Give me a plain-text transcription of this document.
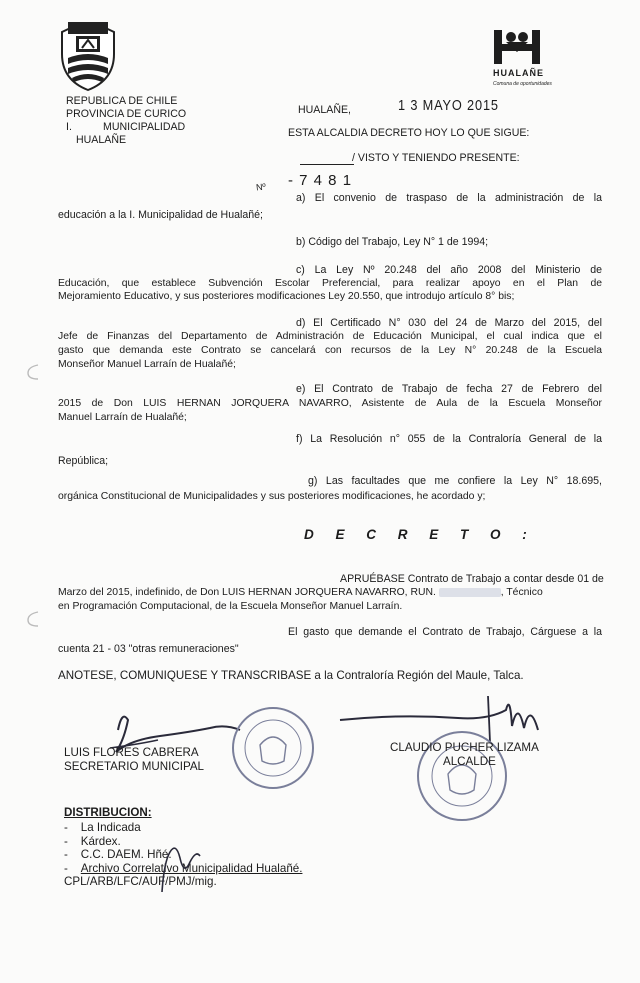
REPUBLICA DE CHILE
PROVINCIA DE CURICO
I.	MUNICIPALIDAD
HUALAÑE
HUALAÑE
Comuna de oportunidades
HUALAÑE,	1 3 MAYO 2015
ESTA ALCALDIA DECRETO HOY LO QUE SIGUE:
/ VISTO Y TENIENDO PRESENTE:
Nº - 7 4 8 1
a) El convenio de traspaso de la administración de la
educación a la I. Municipalidad de Hualañé;
b) Código del Trabajo, Ley N° 1 de 1994;
c) La Ley Nº 20.248 del año 2008 del Ministerio de
Educación, que establece Subvención Escolar Preferencial, para realizar apoyo en el Plan de
Mejoramiento Educativo, y sus posteriores modificaciones Ley 20.550, que introdujo artículo 8° bis;
d) El Certificado N° 030 del 24 de Marzo del 2015, del
Jefe de Finanzas del Departamento de Administración de Educación Municipal, el cual indica que el
gasto que demanda este Contrato se cancelará con recursos de la Ley N° 20.248 de la Escuela
Monseñor Manuel Larraín de Hualañé;
e) El Contrato de Trabajo de fecha 27 de Febrero del
2015 de Don LUIS HERNAN JORQUERA NAVARRO, Asistente de Aula de la Escuela Monseñor
Manuel Larraín de Hualañé;
f) La Resolución n° 055 de la Contraloría General de la
República;
g) Las facultades que me confiere la Ley N° 18.695,
orgánica Constitucional de Municipalidades y sus posteriores modificaciones, he acordado y;
D E C R E T O :
APRUÉBASE Contrato de Trabajo a contar desde 01 de
Marzo del 2015, indefinido, de Don LUIS HERNAN JORQUERA NAVARRO, RUN.	, Técnico
en Programación Computacional, de la Escuela Monseñor Manuel Larraín.
El gasto que demande el Contrato de Trabajo, Cárguese a la
cuenta 21 - 03 "otras remuneraciones"
ANOTESE, COMUNIQUESE Y TRANSCRIBASE a la Contraloría Región del Maule, Talca.
LUIS FLORES CABRERA
SECRETARIO MUNICIPAL
CLAUDIO PUCHER LIZAMA
ALCALDE
DISTRIBUCION:
-    La Indicada
-    Kárdex.
-    C.C. DAEM. Hñé.
-    Archivo Correlativo Municipalidad Hualañé.
CPL/ARB/LFC/AUF/PMJ/mig.
